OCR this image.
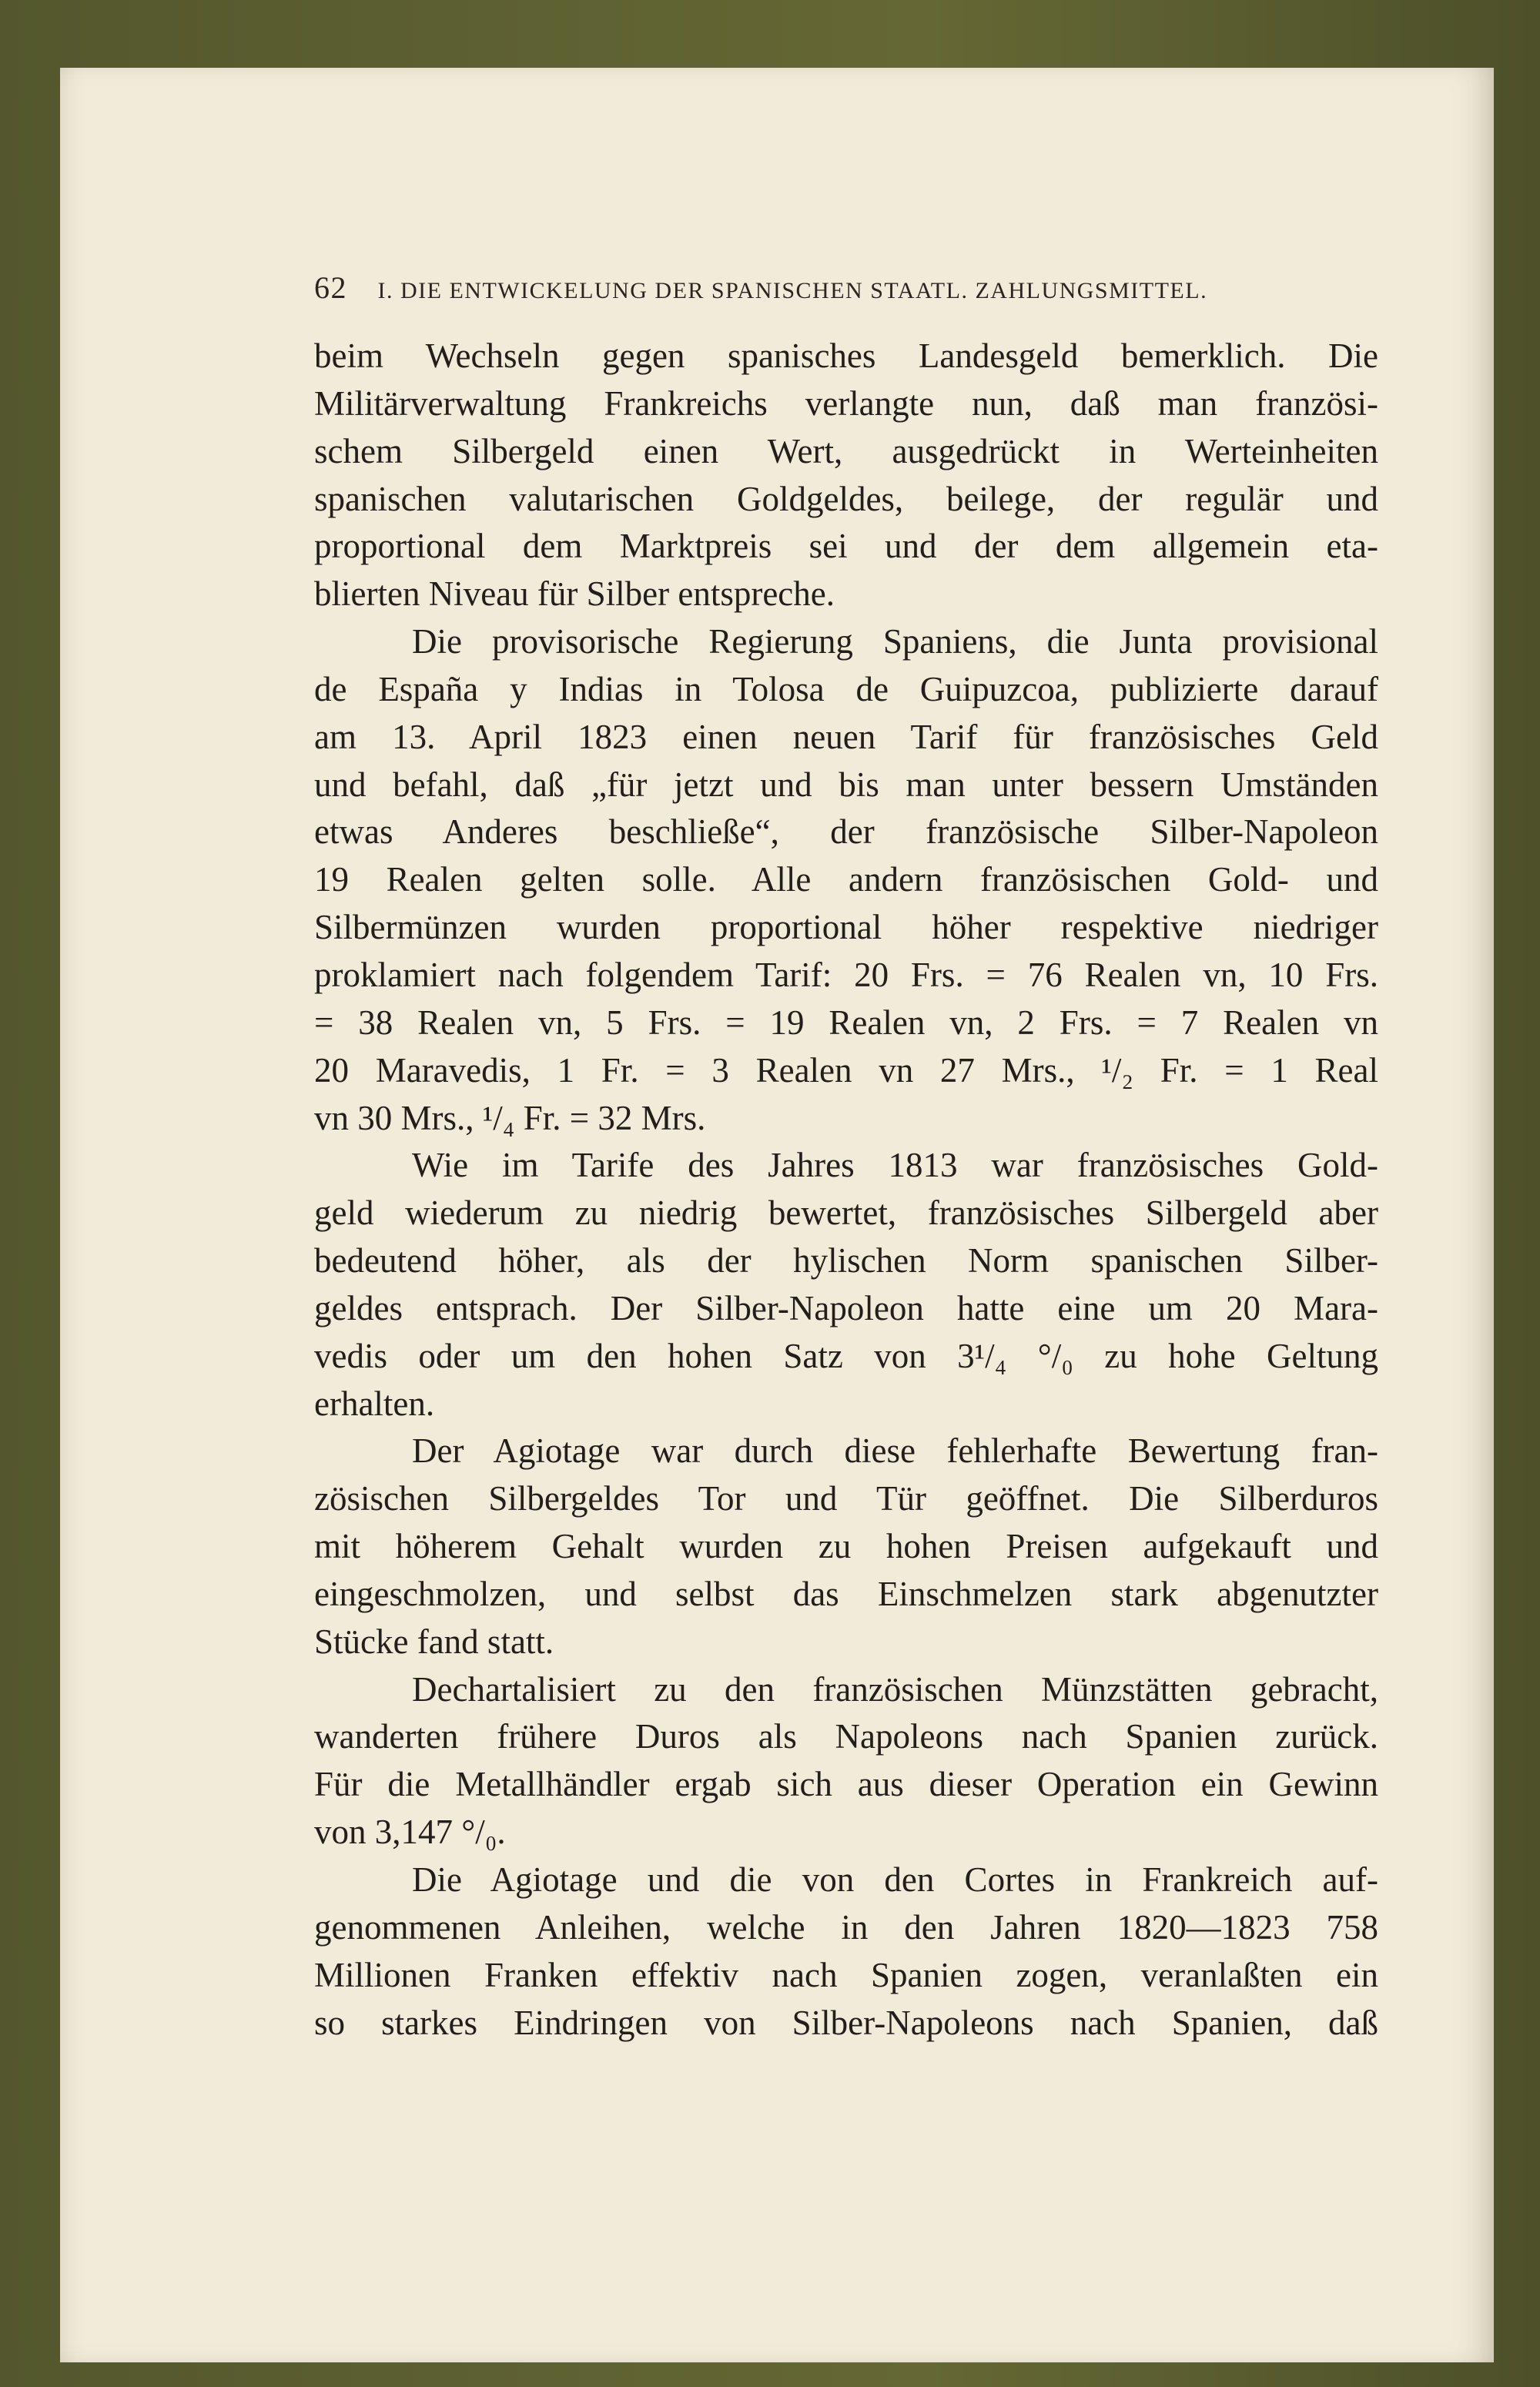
62 I. DIE ENTWICKELUNG DER SPANISCHEN STAATL. ZAHLUNGSMITTEL.
beim Wechseln gegen spanisches Landesgeld bemerklich. Die
Militärverwaltung Frankreichs verlangte nun, daß man französi-
schem Silbergeld einen Wert, ausgedrückt in Werteinheiten
spanischen valutarischen Goldgeldes, beilege, der regulär und
proportional dem Marktpreis sei und der dem allgemein eta-
blierten Niveau für Silber entspreche.
Die provisorische Regierung Spaniens, die Junta provisional
de España y Indias in Tolosa de Guipuzcoa, publizierte darauf
am 13. April 1823 einen neuen Tarif für französisches Geld
und befahl, daß „für jetzt und bis man unter bessern Umständen
etwas Anderes beschließe“, der französische Silber-Napoleon
19 Realen gelten solle. Alle andern französischen Gold- und
Silbermünzen wurden proportional höher respektive niedriger
proklamiert nach folgendem Tarif: 20 Frs. = 76 Realen vn, 10 Frs.
= 38 Realen vn, 5 Frs. = 19 Realen vn, 2 Frs. = 7 Realen vn
20 Maravedis, 1 Fr. = 3 Realen vn 27 Mrs., ¹/₂ Fr. = 1 Real
vn 30 Mrs., ¹/₄ Fr. = 32 Mrs.
Wie im Tarife des Jahres 1813 war französisches Gold-
geld wiederum zu niedrig bewertet, französisches Silbergeld aber
bedeutend höher, als der hylischen Norm spanischen Silber-
geldes entsprach. Der Silber-Napoleon hatte eine um 20 Mara-
vedis oder um den hohen Satz von 3¹/₄ °/₀ zu hohe Geltung
erhalten.
Der Agiotage war durch diese fehlerhafte Bewertung fran-
zösischen Silbergeldes Tor und Tür geöffnet. Die Silberduros
mit höherem Gehalt wurden zu hohen Preisen aufgekauft und
eingeschmolzen, und selbst das Einschmelzen stark abgenutzter
Stücke fand statt.
Dechartalisiert zu den französischen Münzstätten gebracht,
wanderten frühere Duros als Napoleons nach Spanien zurück.
Für die Metallhändler ergab sich aus dieser Operation ein Gewinn
von 3,147 °/₀.
Die Agiotage und die von den Cortes in Frankreich auf-
genommenen Anleihen, welche in den Jahren 1820—1823 758
Millionen Franken effektiv nach Spanien zogen, veranlaßten ein
so starkes Eindringen von Silber-Napoleons nach Spanien, daß
